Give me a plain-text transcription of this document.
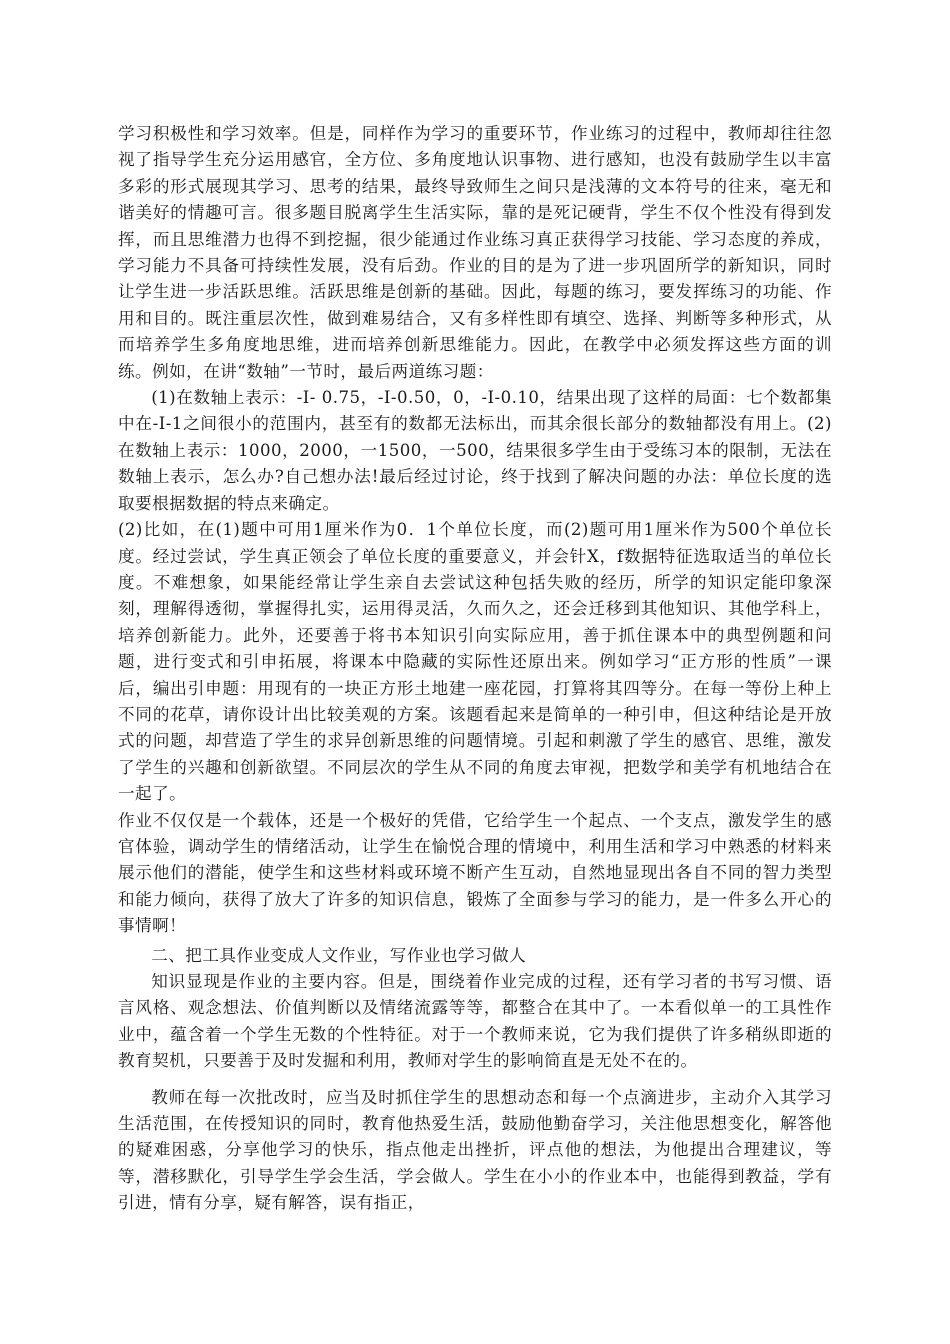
学习积极性和学习效率。但是，同样作为学习的重要环节，作业练习的过程中，教师却往往忽视了指导学生充分运用感官，全方位、多角度地认识事物、进行感知，也没有鼓励学生以丰富多彩的形式展现其学习、思考的结果，最终导致师生之间只是浅薄的文本符号的往来，毫无和谐美好的情趣可言。很多题目脱离学生生活实际，靠的是死记硬背，学生不仅个性没有得到发挥，而且思维潜力也得不到挖掘，很少能通过作业练习真正获得学习技能、学习态度的养成，学习能力不具备可持续性发展，没有后劲。作业的目的是为了进一步巩固所学的新知识，同时让学生进一步活跃思维。活跃思维是创新的基础。因此，每题的练习，要发挥练习的功能、作用和目的。既注重层次性，做到难易结合，又有多样性即有填空、选择、判断等多种形式，从而培养学生多角度地思维，进而培养创新思维能力。因此，在教学中必须发挥这些方面的训练。例如，在讲“数轴”一节时，最后两道练习题：

(1)在数轴上表示：-I- 0.75，-I-0.50，0，-I-0.10，结果出现了这样的局面：七个数都集中在-I-1之间很小的范围内，甚至有的数都无法标出，而其余很长部分的数轴都没有用上。(2)在数轴上表示：1000，2000，一1500，一500，结果很多学生由于受练习本的限制，无法在数轴上表示，怎么办?自己想办法!最后经过讨论，终于找到了解决问题的办法：单位长度的选取要根据数据的特点来确定。

(2)比如，在(1)题中可用1厘米作为0．1个单位长度，而(2)题可用1厘米作为500个单位长度。经过尝试，学生真正领会了单位长度的重要意义，并会针X，f数据特征选取适当的单位长度。不难想象，如果能经常让学生亲自去尝试这种包括失败的经历，所学的知识定能印象深刻，理解得透彻，掌握得扎实，运用得灵活，久而久之，还会迁移到其他知识、其他学科上，培养创新能力。此外，还要善于将书本知识引向实际应用，善于抓住课本中的典型例题和问题，进行变式和引申拓展，将课本中隐藏的实际性还原出来。例如学习“正方形的性质”一课后，编出引申题：用现有的一块正方形土地建一座花园，打算将其四等分。在每一等份上种上不同的花草，请你设计出比较美观的方案。该题看起来是简单的一种引申，但这种结论是开放式的问题，却营造了学生的求异创新思维的问题情境。引起和刺激了学生的感官、思维，激发了学生的兴趣和创新欲望。不同层次的学生从不同的角度去审视，把数学和美学有机地结合在一起了。

作业不仅仅是一个载体，还是一个极好的凭借，它给学生一个起点、一个支点，激发学生的感官体验，调动学生的情绪活动，让学生在愉悦合理的情境中，利用生活和学习中熟悉的材料来展示他们的潜能，使学生和这些材料或环境不断产生互动，自然地显现出各自不同的智力类型和能力倾向，获得了放大了许多的知识信息，锻炼了全面参与学习的能力，是一件多么开心的事情啊！

二、把工具作业变成人文作业，写作业也学习做人

知识显现是作业的主要内容。但是，围绕着作业完成的过程，还有学习者的书写习惯、语言风格、观念想法、价值判断以及情绪流露等等，都整合在其中了。一本看似单一的工具性作业中，蕴含着一个学生无数的个性特征。对于一个教师来说，它为我们提供了许多稍纵即逝的教育契机，只要善于及时发掘和利用，教师对学生的影响简直是无处不在的。

教师在每一次批改时，应当及时抓住学生的思想动态和每一个点滴进步，主动介入其学习生活范围，在传授知识的同时，教育他热爱生活，鼓励他勤奋学习，关注他思想变化，解答他的疑难困惑，分享他学习的快乐，指点他走出挫折，评点他的想法，为他提出合理建议，等等，潜移默化，引导学生学会生活，学会做人。学生在小小的作业本中，也能得到教益，学有引进，情有分享，疑有解答，误有指正，
